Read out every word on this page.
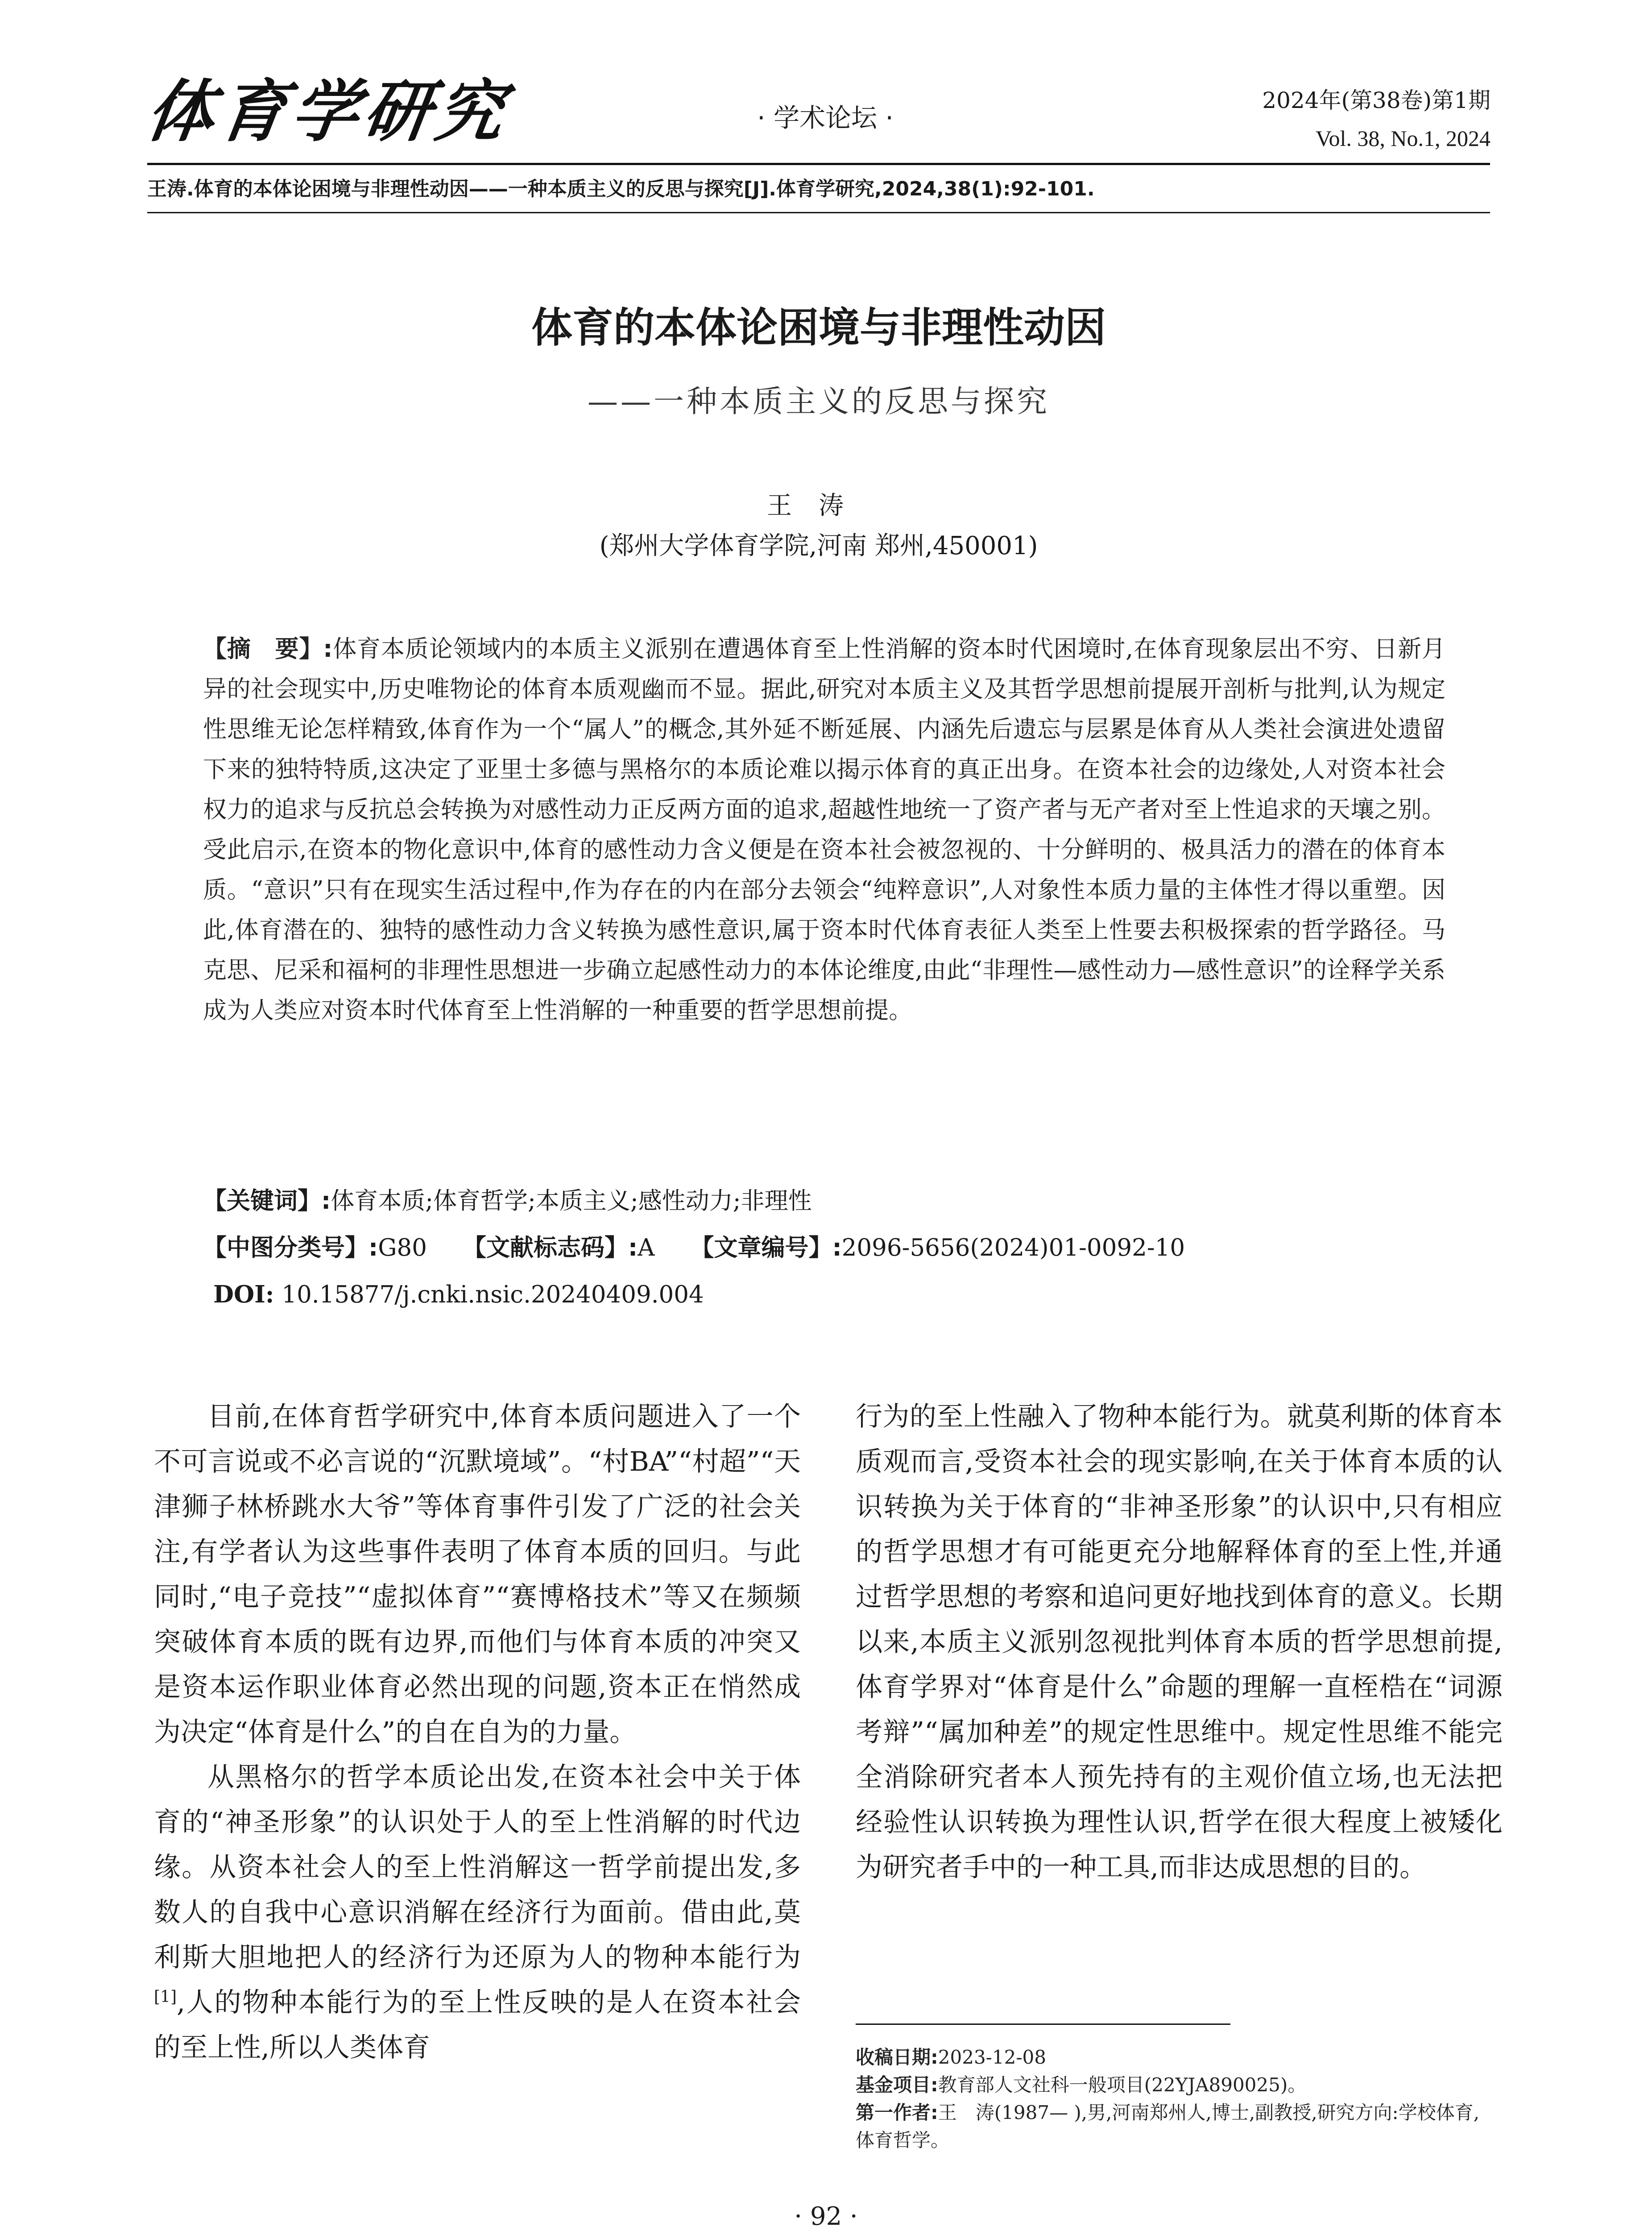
体育学研究	· 学术论坛 ·
2024年(第38卷)第1期
Vol. 38, No.1, 2024
王涛.体育的本体论困境与非理性动因——一种本质主义的反思与探究[J].体育学研究,2024,38(1):92-101.
体育的本体论困境与非理性动因
——一种本质主义的反思与探究
王涛
(郑州大学体育学院,河南 郑州,450001)
【摘　要】:体育本质论领域内的本质主义派别在遭遇体育至上性消解的资本时代困境时,在体育现象层出不穷、日新月异的社会现实中,历史唯物论的体育本质观幽而不显。据此,研究对本质主义及其哲学思想前提展开剖析与批判,认为规定性思维无论怎样精致,体育作为一个“属人”的概念,其外延不断延展、内涵先后遗忘与层累是体育从人类社会演进处遗留下来的独特特质,这决定了亚里士多德与黑格尔的本质论难以揭示体育的真正出身。在资本社会的边缘处,人对资本社会权力的追求与反抗总会转换为对感性动力正反两方面的追求,超越性地统一了资产者与无产者对至上性追求的天壤之别。受此启示,在资本的物化意识中,体育的感性动力含义便是在资本社会被忽视的、十分鲜明的、极具活力的潜在的体育本质。“意识”只有在现实生活过程中,作为存在的内在部分去领会“纯粹意识”,人对象性本质力量的主体性才得以重塑。因此,体育潜在的、独特的感性动力含义转换为感性意识,属于资本时代体育表征人类至上性要去积极探索的哲学路径。马克思、尼采和福柯的非理性思想进一步确立起感性动力的本体论维度,由此“非理性—感性动力—感性意识”的诠释学关系成为人类应对资本时代体育至上性消解的一种重要的哲学思想前提。
【关键词】:体育本质;体育哲学;本质主义;感性动力;非理性
【中图分类号】:G80 【文献标志码】:A 【文章编号】:2096-5656(2024)01-0092-10
DOI: 10.15877/j.cnki.nsic.20240409.004

目前,在体育哲学研究中,体育本质问题进入了一个不可言说或不必言说的“沉默境域”。“村BA”“村超”“天津狮子林桥跳水大爷”等体育事件引发了广泛的社会关注,有学者认为这些事件表明了体育本质的回归。与此同时,“电子竞技”“虚拟体育”“赛博格技术”等又在频频突破体育本质的既有边界,而他们与体育本质的冲突又是资本运作职业体育必然出现的问题,资本正在悄然成为决定“体育是什么”的自在自为的力量。

从黑格尔的哲学本质论出发,在资本社会中关于体育的“神圣形象”的认识处于人的至上性消解的时代边缘。从资本社会人的至上性消解这一哲学前提出发,多数人的自我中心意识消解在经济行为面前。借由此,莫利斯大胆地把人的经济行为还原为人的物种本能行为[1],人的物种本能行为的至上性反映的是人在资本社会的至上性,所以人类体育

行为的至上性融入了物种本能行为。就莫利斯的体育本质观而言,受资本社会的现实影响,在关于体育本质的认识转换为关于体育的“非神圣形象”的认识中,只有相应的哲学思想才有可能更充分地解释体育的至上性,并通过哲学思想的考察和追问更好地找到体育的意义。长期以来,本质主义派别忽视批判体育本质的哲学思想前提,体育学界对“体育是什么”命题的理解一直桎梏在“词源考辩”“属加种差”的规定性思维中。规定性思维不能完全消除研究者本人预先持有的主观价值立场,也无法把经验性认识转换为理性认识,哲学在很大程度上被矮化为研究者手中的一种工具,而非达成思想的目的。

收稿日期:2023-12-08
基金项目:教育部人文社科一般项目(22YJA890025)。
第一作者:王　涛(1987— ),男,河南郑州人,博士,副教授,研究方向:学校体育,体育哲学。
· 92 ·
